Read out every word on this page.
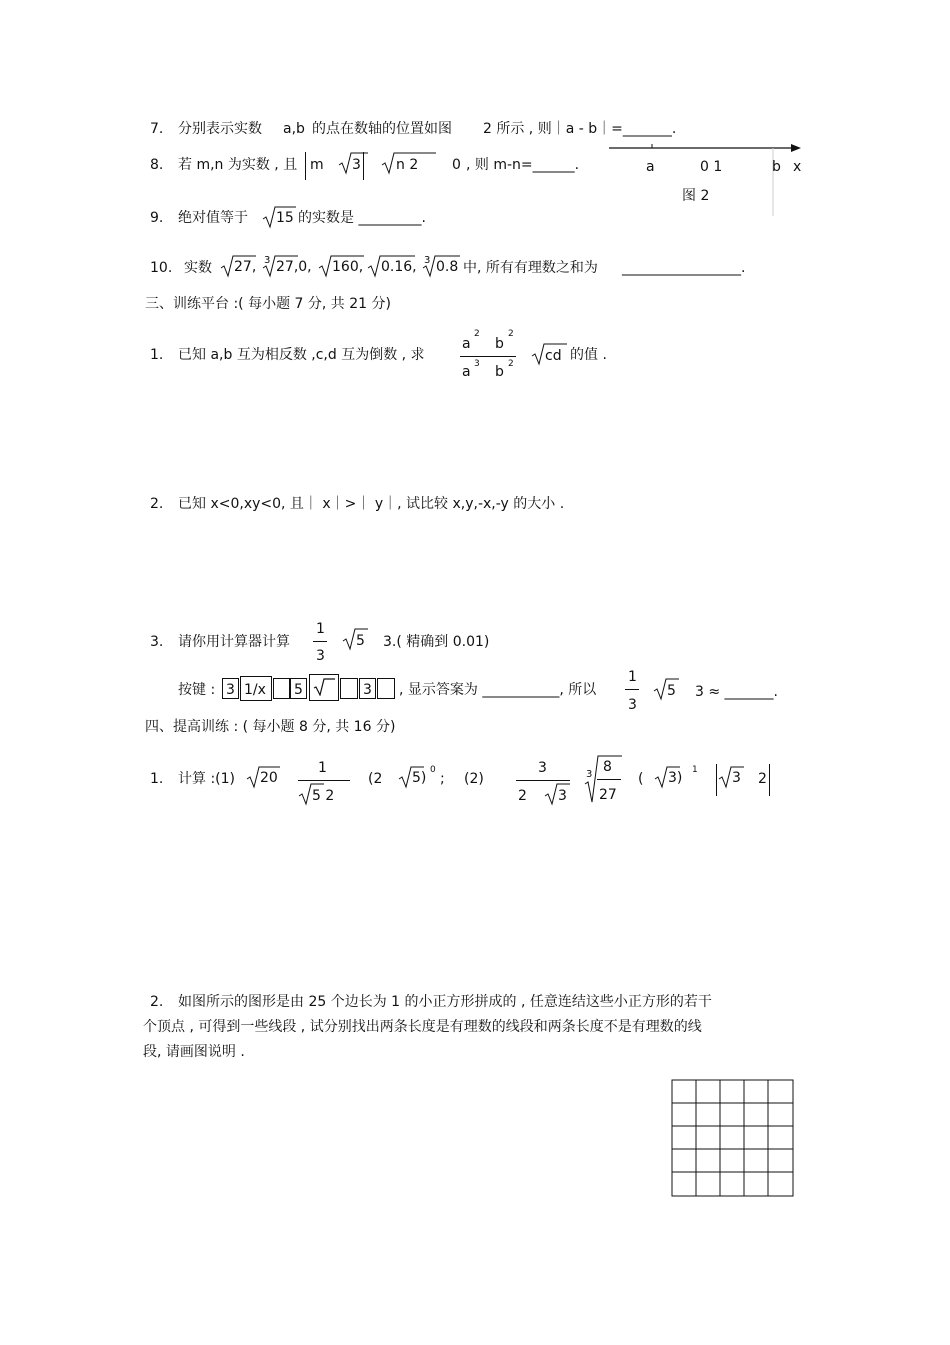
7. 分别表示实数 a,b 的点在数轴的位置如图 2 所示 , 则｜a - b｜=_______.
a	0 1	b x
图 2
8. 若 m,n 为实数 , 且 m 3	n 2 0 , 则 m-n=______.
9. 绝对值等于 15 的实数是 _________.
10. 实数 27, 3 27,0, 160, 0.16, 3 0.8 中, 所有有理数之和为 _________________.
三、训练平台 :( 每小题 7 分, 共 21 分)
1. 已知 a,b 互为相反数 ,c,d 互为倒数 , 求
a
2
b
2
a 3 b 2 cd 的值 .
2. 已知 x<0,xy<0, 且｜ x｜>｜ y｜, 试比较 x,y,-x,-y 的大小 .
3. 请你用计算器计算
1
3
5 3.( 精确到 0.01)
按键 : 3 1/x 5	3 , 显示答案为 ___________, 所以
1
3
5 3 ≈ _______.
四、提高训练 : ( 每小题 8 分, 共 16 分)
1. 计算 :(1) 20
1
5 2
(2 5) 0
; (2)
3
2 3
3 8
27
( 3) 1 3 2
2. 如图所示的图形是由 25 个边长为 1 的小正方形拼成的 , 任意连结这些小正方形的若干
个顶点 , 可得到一些线段 , 试分别找出两条长度是有理数的线段和两条长度不是有理数的线
段, 请画图说明 .
